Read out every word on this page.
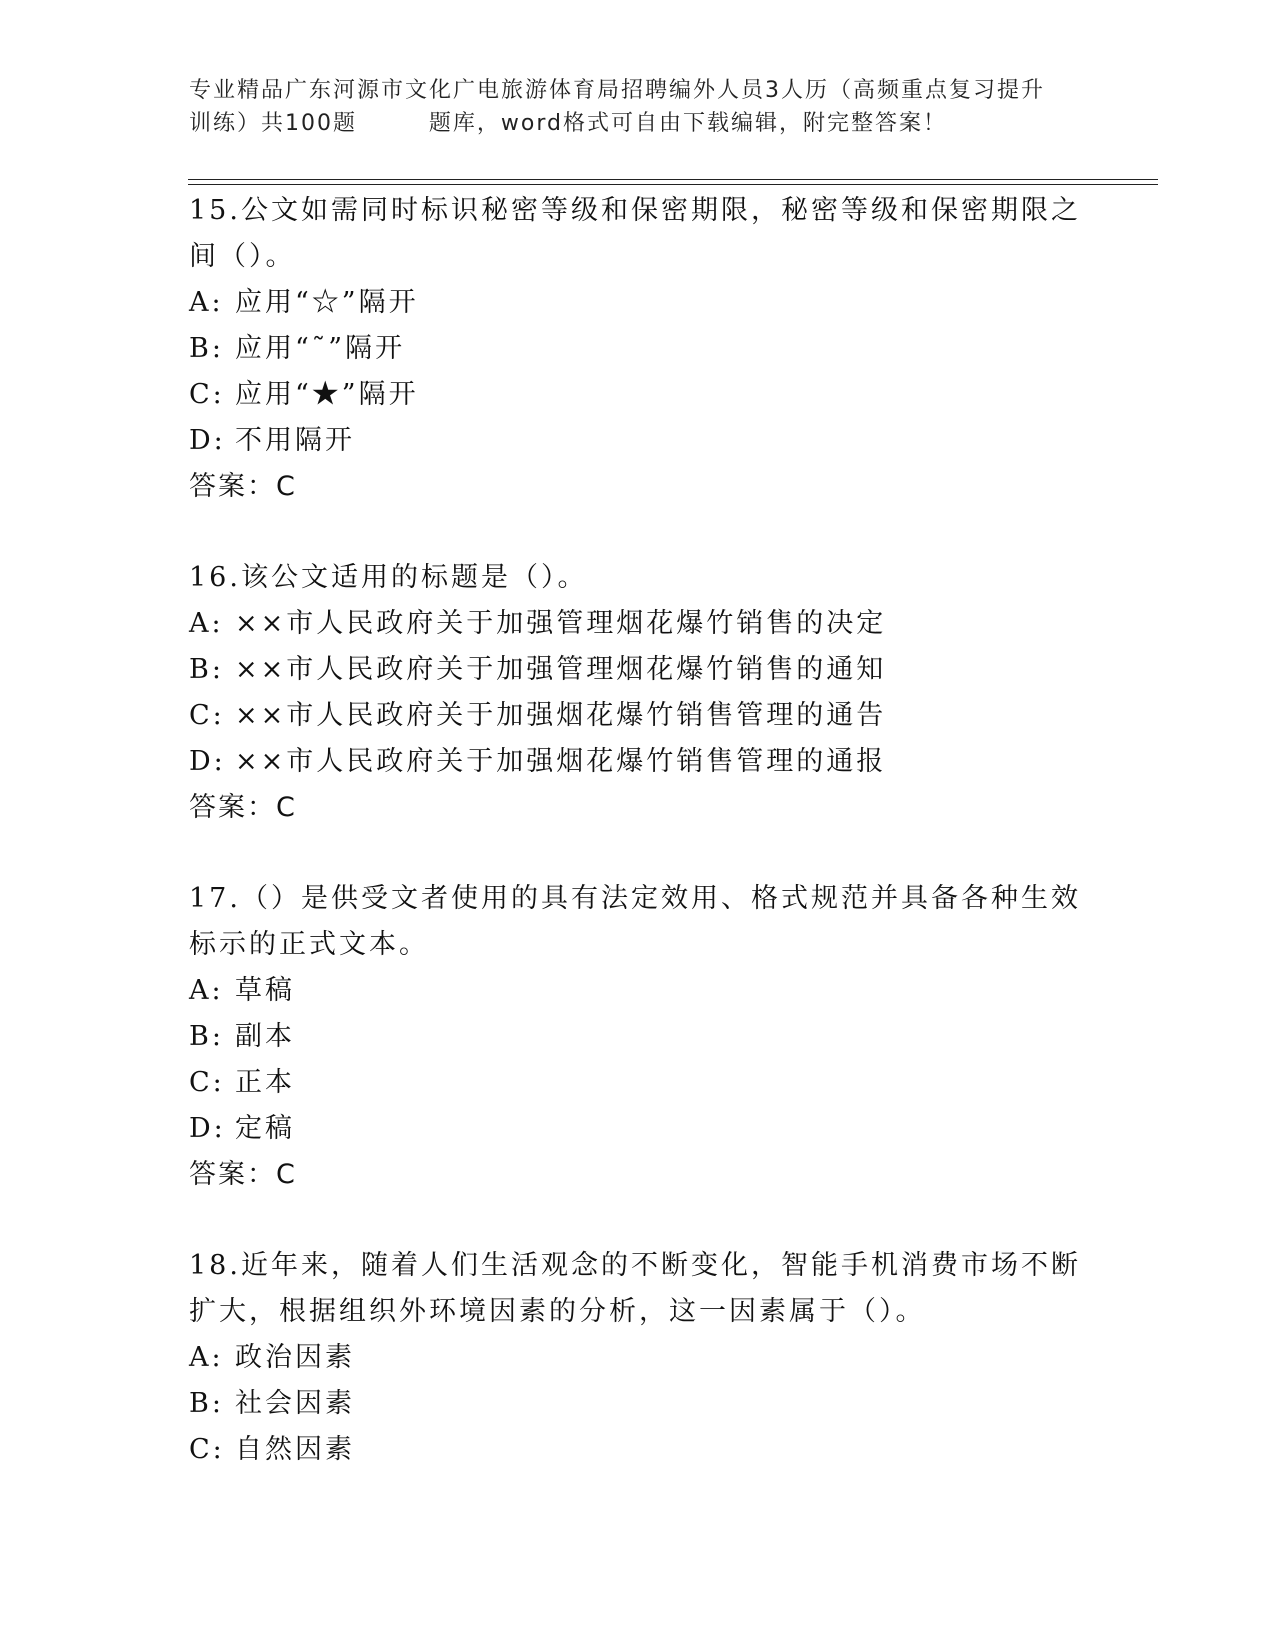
专业精品广东河源市文化广电旅游体育局招聘编外人员3人历（高频重点复习提升
训练）共100题        题库，word格式可自由下载编辑，附完整答案！

15.公文如需同时标识秘密等级和保密期限，秘密等级和保密期限之间（）。

A: 应用“☆”隔开

B: 应用“˜”隔开

C: 应用“★”隔开

D: 不用隔开

答案：C

16.该公文适用的标题是（）。

A: ××市人民政府关于加强管理烟花爆竹销售的决定

B: ××市人民政府关于加强管理烟花爆竹销售的通知

C: ××市人民政府关于加强烟花爆竹销售管理的通告

D: ××市人民政府关于加强烟花爆竹销售管理的通报

答案：C

17.（）是供受文者使用的具有法定效用、格式规范并具备各种生效标示的正式文本。

A: 草稿

B: 副本

C: 正本

D: 定稿

答案：C

18.近年来，随着人们生活观念的不断变化，智能手机消费市场不断扩大，根据组织外环境因素的分析，这一因素属于（）。

A: 政治因素

B: 社会因素

C: 自然因素
